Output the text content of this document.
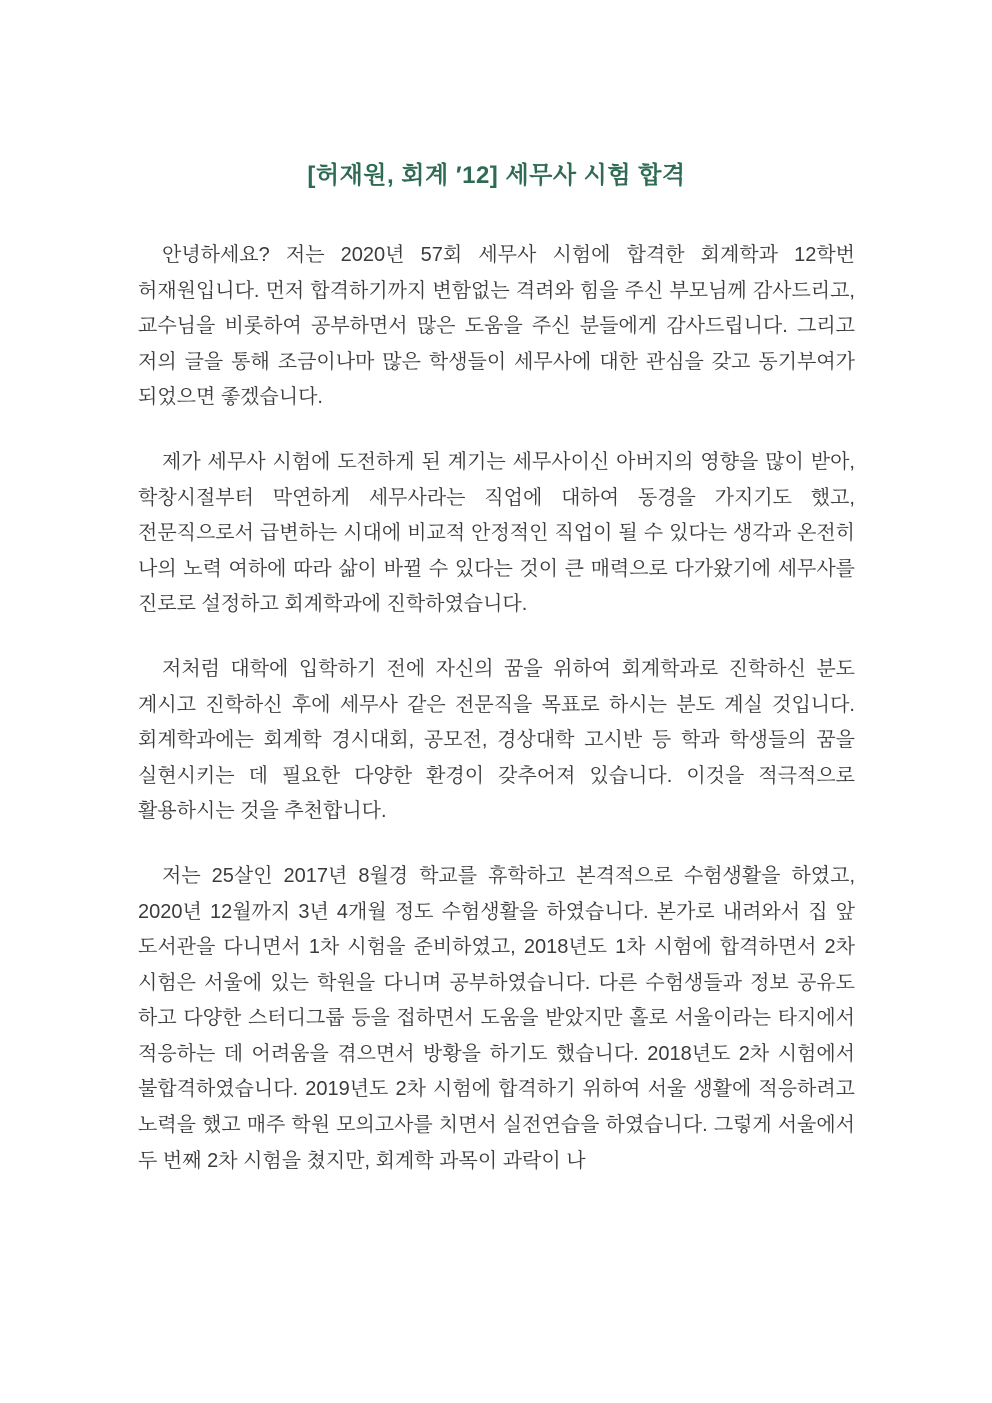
[허재원, 회계 ′12] 세무사 시험 합격

안녕하세요? 저는 2020년 57회 세무사 시험에 합격한 회계학과 12학번 허재원입니다. 먼저 합격하기까지 변함없는 격려와 힘을 주신 부모님께 감사드리고, 교수님을 비롯하여 공부하면서 많은 도움을 주신 분들에게 감사드립니다. 그리고 저의 글을 통해 조금이나마 많은 학생들이 세무사에 대한 관심을 갖고 동기부여가 되었으면 좋겠습니다.

제가 세무사 시험에 도전하게 된 계기는 세무사이신 아버지의 영향을 많이 받아, 학창시절부터 막연하게 세무사라는 직업에 대하여 동경을 가지기도 했고, 전문직으로서 급변하는 시대에 비교적 안정적인 직업이 될 수 있다는 생각과 온전히 나의 노력 여하에 따라 삶이 바뀔 수 있다는 것이 큰 매력으로 다가왔기에 세무사를 진로로 설정하고 회계학과에 진학하였습니다.

저처럼 대학에 입학하기 전에 자신의 꿈을 위하여 회계학과로 진학하신 분도 계시고 진학하신 후에 세무사 같은 전문직을 목표로 하시는 분도 계실 것입니다. 회계학과에는 회계학 경시대회, 공모전, 경상대학 고시반 등 학과 학생들의 꿈을 실현시키는 데 필요한 다양한 환경이 갖추어져 있습니다. 이것을 적극적으로 활용하시는 것을 추천합니다.

저는 25살인 2017년 8월경 학교를 휴학하고 본격적으로 수험생활을 하였고, 2020년 12월까지 3년 4개월 정도 수험생활을 하였습니다. 본가로 내려와서 집 앞 도서관을 다니면서 1차 시험을 준비하였고, 2018년도 1차 시험에 합격하면서 2차 시험은 서울에 있는 학원을 다니며 공부하였습니다. 다른 수험생들과 정보 공유도 하고 다양한 스터디그룹 등을 접하면서 도움을 받았지만 홀로 서울이라는 타지에서 적응하는 데 어려움을 겪으면서 방황을 하기도 했습니다. 2018년도 2차 시험에서 불합격하였습니다. 2019년도 2차 시험에 합격하기 위하여 서울 생활에 적응하려고 노력을 했고 매주 학원 모의고사를 치면서 실전연습을 하였습니다. 그렇게 서울에서 두 번째 2차 시험을 쳤지만, 회계학 과목이 과락이 나
